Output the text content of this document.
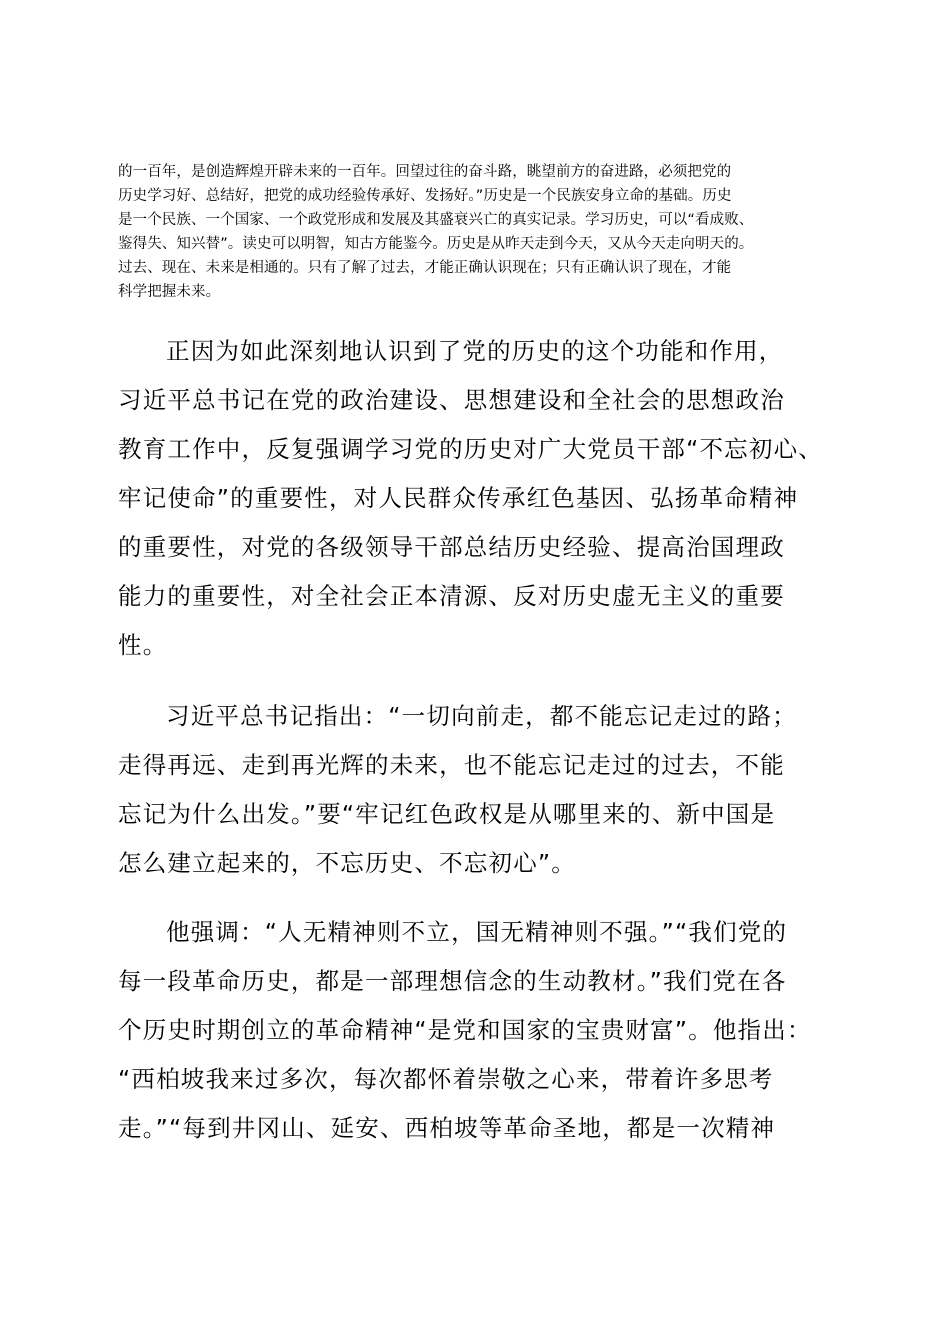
的一百年，是创造辉煌开辟未来的一百年。回望过往的奋斗路，眺望前方的奋进路，必须把党的
历史学习好、总结好，把党的成功经验传承好、发扬好。”历史是一个民族安身立命的基础。历史
是一个民族、一个国家、一个政党形成和发展及其盛衰兴亡的真实记录。学习历史，可以“看成败、
鉴得失、知兴替”。读史可以明智，知古方能鉴今。历史是从昨天走到今天，又从今天走向明天的。
过去、现在、未来是相通的。只有了解了过去，才能正确认识现在；只有正确认识了现在，才能
科学把握未来。
正因为如此深刻地认识到了党的历史的这个功能和作用，
习近平总书记在党的政治建设、思想建设和全社会的思想政治
教育工作中，反复强调学习党的历史对广大党员干部“不忘初心、
牢记使命”的重要性，对人民群众传承红色基因、弘扬革命精神
的重要性，对党的各级领导干部总结历史经验、提高治国理政
能力的重要性，对全社会正本清源、反对历史虚无主义的重要
性。
习近平总书记指出：“一切向前走，都不能忘记走过的路；
走得再远、走到再光辉的未来，也不能忘记走过的过去，不能
忘记为什么出发。”要“牢记红色政权是从哪里来的、新中国是
怎么建立起来的，不忘历史、不忘初心”。
他强调：“人无精神则不立，国无精神则不强。”“我们党的
每一段革命历史，都是一部理想信念的生动教材。”我们党在各
个历史时期创立的革命精神“是党和国家的宝贵财富”。他指出：
“西柏坡我来过多次，每次都怀着崇敬之心来，带着许多思考
走。”“每到井冈山、延安、西柏坡等革命圣地，都是一次精神
